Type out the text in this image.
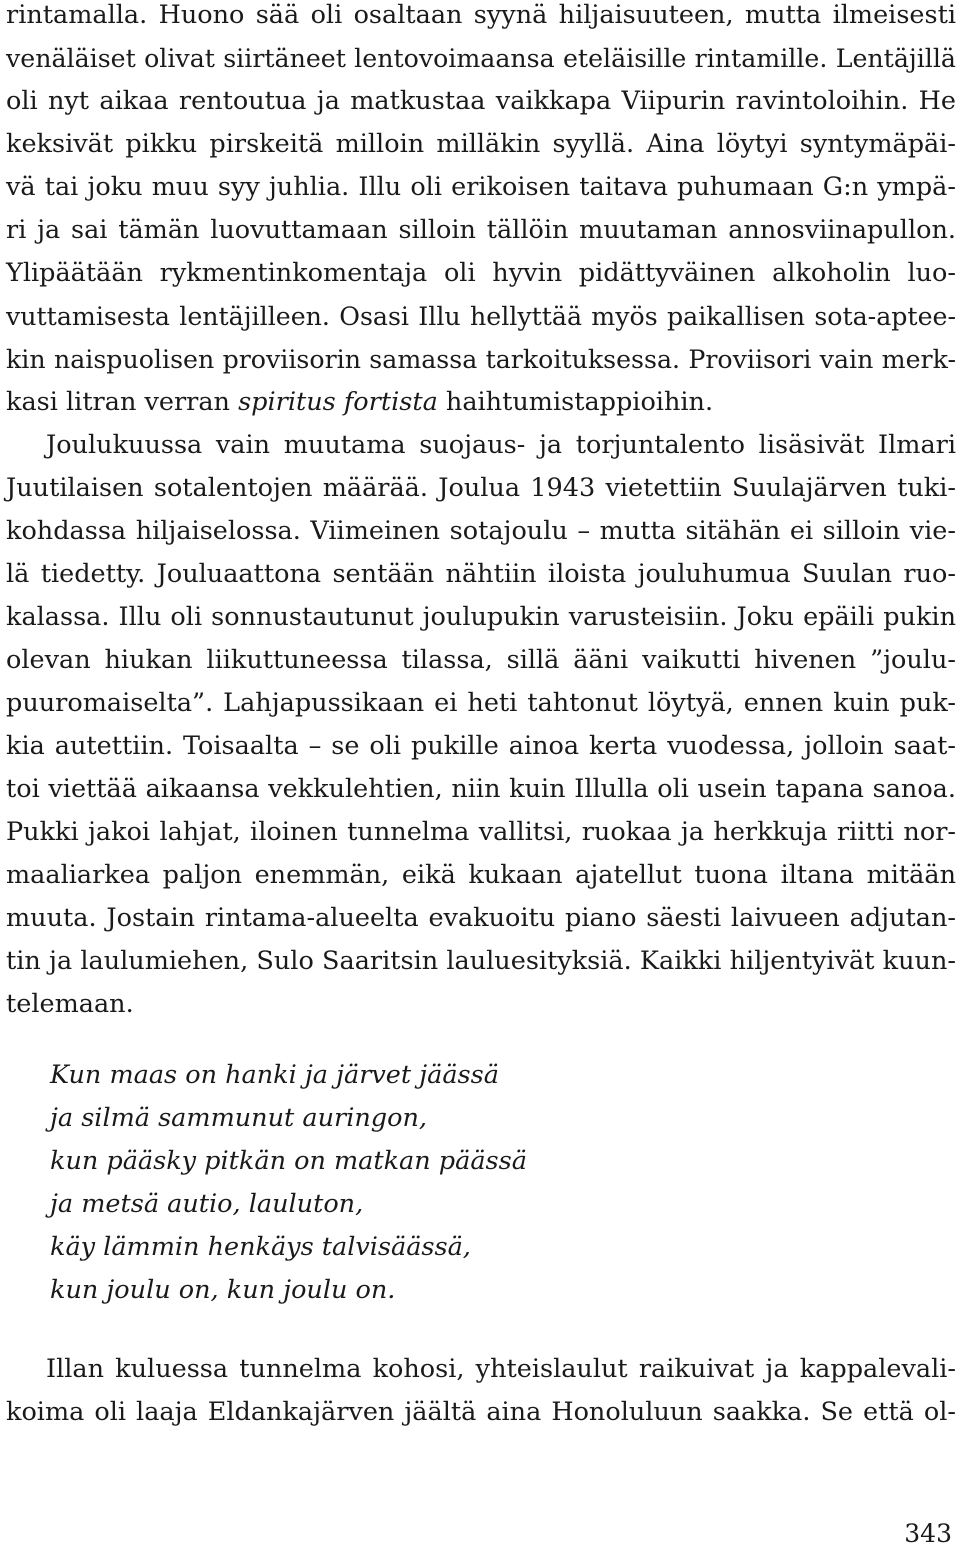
rintamalla. Huono sää oli osaltaan syynä hiljaisuuteen, mutta ilmeisesti
venäläiset olivat siirtäneet lentovoimaansa eteläisille rintamille. Lentäjillä
oli nyt aikaa rentoutua ja matkustaa vaikkapa Viipurin ravintoloihin. He
keksivät pikku pirskeitä milloin milläkin syyllä. Aina löytyi syntymäpäi-
vä tai joku muu syy juhlia. Illu oli erikoisen taitava puhumaan G:n ympä-
ri ja sai tämän luovuttamaan silloin tällöin muutaman annosviinapullon.
Ylipäätään rykmentinkomentaja oli hyvin pidättyväinen alkoholin luo-
vuttamisesta lentäjilleen. Osasi Illu hellyttää myös paikallisen sota-aptee-
kin naispuolisen proviisorin samassa tarkoituksessa. Proviisori vain merk-
kasi litran verran spiritus fortista haihtumistappioihin.
Joulukuussa vain muutama suojaus- ja torjuntalento lisäsivät Ilmari
Juutilaisen sotalentojen määrää. Joulua 1943 vietettiin Suulajärven tuki-
kohdassa hiljaiselossa. Viimeinen sotajoulu – mutta sitähän ei silloin vie-
lä tiedetty. Jouluaattona sentään nähtiin iloista jouluhumua Suulan ruo-
kalassa. Illu oli sonnustautunut joulupukin varusteisiin. Joku epäili pukin
olevan hiukan liikuttuneessa tilassa, sillä ääni vaikutti hivenen ”joulu-
puuromaiselta”. Lahjapussikaan ei heti tahtonut löytyä, ennen kuin puk-
kia autettiin. Toisaalta – se oli pukille ainoa kerta vuodessa, jolloin saat-
toi viettää aikaansa vekkulehtien, niin kuin Illulla oli usein tapana sanoa.
Pukki jakoi lahjat, iloinen tunnelma vallitsi, ruokaa ja herkkuja riitti nor-
maaliarkea paljon enemmän, eikä kukaan ajatellut tuona iltana mitään
muuta. Jostain rintama-alueelta evakuoitu piano säesti laivueen adjutan-
tin ja laulumiehen, Sulo Saaritsin lauluesityksiä. Kaikki hiljentyivät kuun-
telemaan.
Kun maas on hanki ja järvet jäässä
ja silmä sammunut auringon,
kun pääsky pitkän on matkan päässä
ja metsä autio, lauluton,
käy lämmin henkäys talvisäässä,
kun joulu on, kun joulu on.
Illan kuluessa tunnelma kohosi, yhteislaulut raikuivat ja kappalevali-
koima oli laaja Eldankajärven jäältä aina Honoluluun saakka. Se että ol-
343
